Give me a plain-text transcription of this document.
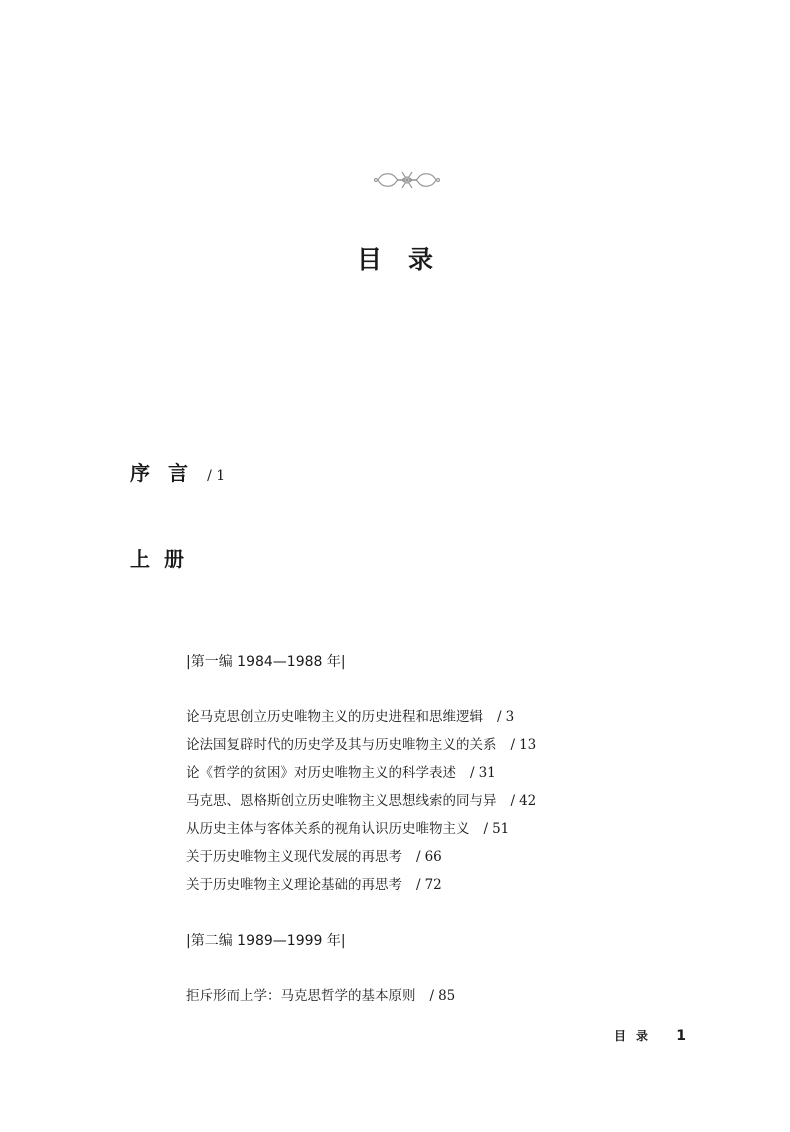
目录
序言 / 1
上册
|第一编 1984—1988 年|
论马克思创立历史唯物主义的历史进程和思维逻辑 / 3
论法国复辟时代的历史学及其与历史唯物主义的关系 / 13
论《哲学的贫困》对历史唯物主义的科学表述 / 31
马克思、恩格斯创立历史唯物主义思想线索的同与异 / 42
从历史主体与客体关系的视角认识历史唯物主义 / 51
关于历史唯物主义现代发展的再思考 / 66
关于历史唯物主义理论基础的再思考 / 72
|第二编 1989—1999 年|
拒斥形而上学：马克思哲学的基本原则 / 85
目录 1
